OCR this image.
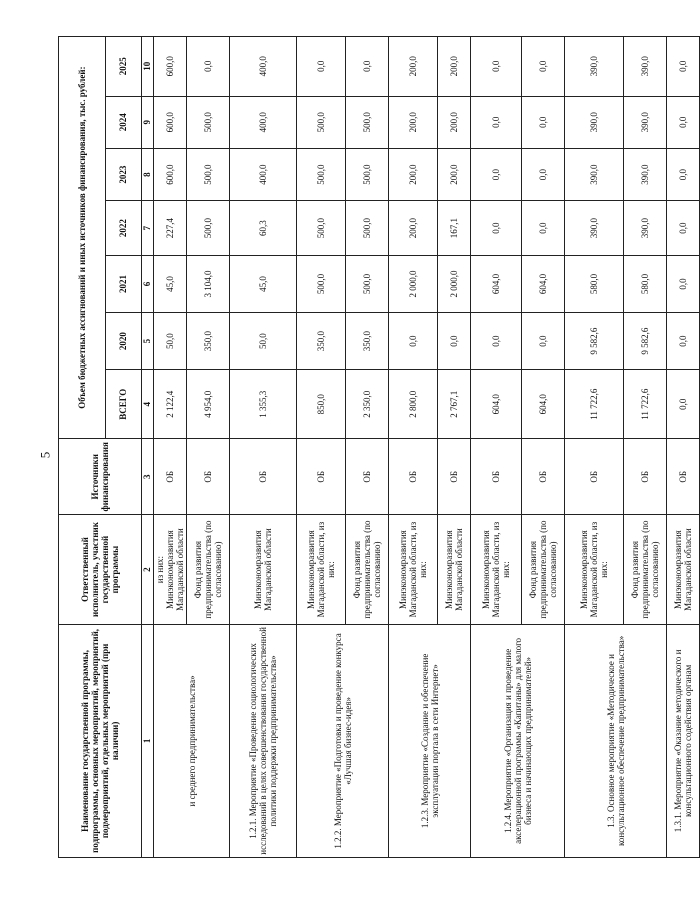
5
Наименование государственной программы, подпрограммы, основных мероприятий, мероприятий, подмероприятий, отдельных мероприятий (при наличии)	Ответственный исполнитель, участник государственной программы	Источники финансирования	Объем бюджетных ассигнований и иных источников финансирования, тыс. рублей:						
			ВСЕГО	2020	2021	2022	2023	2024	2025
1	2	3	4	5	6	7	8	9	10
и среднего предпринимательства»	из них: Минэкономразвития Магаданской области	ОБ	2 122,4	50,0	45,0	227,4	600,0	600,0	600,0
	Фонд развития предпринимательства (по согласованию)	ОБ	4 954,0	350,0	3 104,0	500,0	500,0	500,0	0,0
1.2.1. Мероприятие «Проведение социологических исследований в целях совершенствования государственной политики поддержки предпринимательства»	Минэкономразвития Магаданской области	ОБ	1 355,3	50,0	45,0	60,3	400,0	400,0	400,0
1.2.2. Мероприятие «Подготовка и проведение конкурса «Лучшая бизнес-идея»	Минэкономразвития Магаданской области, из них:	ОБ	850,0	350,0	500,0	500,0	500,0	500,0	0,0
	Фонд развития предпринимательства (по согласованию)	ОБ	2 350,0	350,0	500,0	500,0	500,0	500,0	0,0
1.2.3. Мероприятие «Создание и обеспечение эксплуатации портала в сети Интернет»	Минэкономразвития Магаданской области, из них:	ОБ	2 800,0	0,0	2 000,0	200,0	200,0	200,0	200,0
	Минэкономразвития Магаданской области	ОБ	2 767,1	0,0	2 000,0	167,1	200,0	200,0	200,0
1.2.4. Мероприятие «Организация и проведение акселерационной программы «Капитаны» для малого бизнеса и начинающих предпринимателей»	Минэкономразвития Магаданской области, из них:	ОБ	604,0	0,0	604,0	0,0	0,0	0,0	0,0
	Фонд развития предпринимательства (по согласованию)	ОБ	604,0	0,0	604,0	0,0	0,0	0,0	0,0
1.3. Основное мероприятие «Методическое и консультационное обеспечение предпринимательства»	Минэкономразвития Магаданской области, из них:	ОБ	11 722,6	9 582,6	580,0	390,0	390,0	390,0	390,0
	Фонд развития предпринимательства (по согласованию)	ОБ	11 722,6	9 582,6	580,0	390,0	390,0	390,0	390,0
1.3.1. Мероприятие «Оказание методического и консультационного содействия органам	Минэкономразвития Магаданской области	ОБ	0,0	0,0	0,0	0,0	0,0	0,0	0,0
